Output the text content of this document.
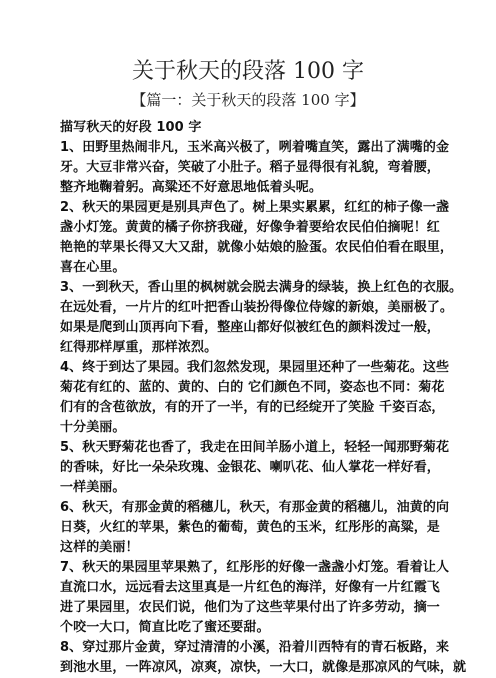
关于秋天的段落 100 字
【篇一：关于秋天的段落 100 字】

描写秋天的好段 100 字

1、田野里热闹非凡，玉米高兴极了，咧着嘴直笑，露出了满嘴的金

牙。大豆非常兴奋，笑破了小肚子。稻子显得很有礼貌，弯着腰，

整齐地鞠着躬。高粱还不好意思地低着头呢。

2、秋天的果园更是别具声色了。树上果实累累，红红的柿子像一盏

盏小灯笼。黄黄的橘子你挤我碰，好像争着要给农民伯伯摘呢！红

艳艳的苹果长得又大又甜，就像小姑娘的脸蛋。农民伯伯看在眼里，

喜在心里。

3、一到秋天，香山里的枫树就会脱去满身的绿装，换上红色的衣服。

在远处看，一片片的红叶把香山装扮得像位侍嫁的新娘，美丽极了。

如果是爬到山顶再向下看，整座山都好似被红色的颜料泼过一般，

红得那样厚重，那样浓烈。

4、终于到达了果园。我们忽然发现，果园里还种了一些菊花。这些

菊花有红的、蓝的、黄的、白的 它们颜色不同，姿态也不同：菊花

们有的含苞欲放，有的开了一半，有的已经绽开了笑脸 千姿百态，

十分美丽。

5、秋天野菊花也香了，我走在田间羊肠小道上，轻轻一闻那野菊花

的香味，好比一朵朵玫瑰、金银花、喇叭花、仙人掌花一样好看，

一样美丽。

6、秋天，有那金黄的稻穗儿，秋天，有那金黄的稻穗儿，油黄的向

日葵，火红的苹果，紫色的葡萄，黄色的玉米，红彤彤的高粱，是

这样的美丽！

7、秋天的果园里苹果熟了，红彤彤的好像一盏盏小灯笼。看着让人

直流口水，远远看去这里真是一片红色的海洋，好像有一片红霞飞

进了果园里，农民们说，他们为了这些苹果付出了许多劳动，摘一

个咬一大口，简直比吃了蜜还要甜。

8、穿过那片金黄，穿过清清的小溪，沿着川西特有的青石板路，来

到池水里，一阵凉风，凉爽，凉快，一大口，就像是那凉风的气味，就
